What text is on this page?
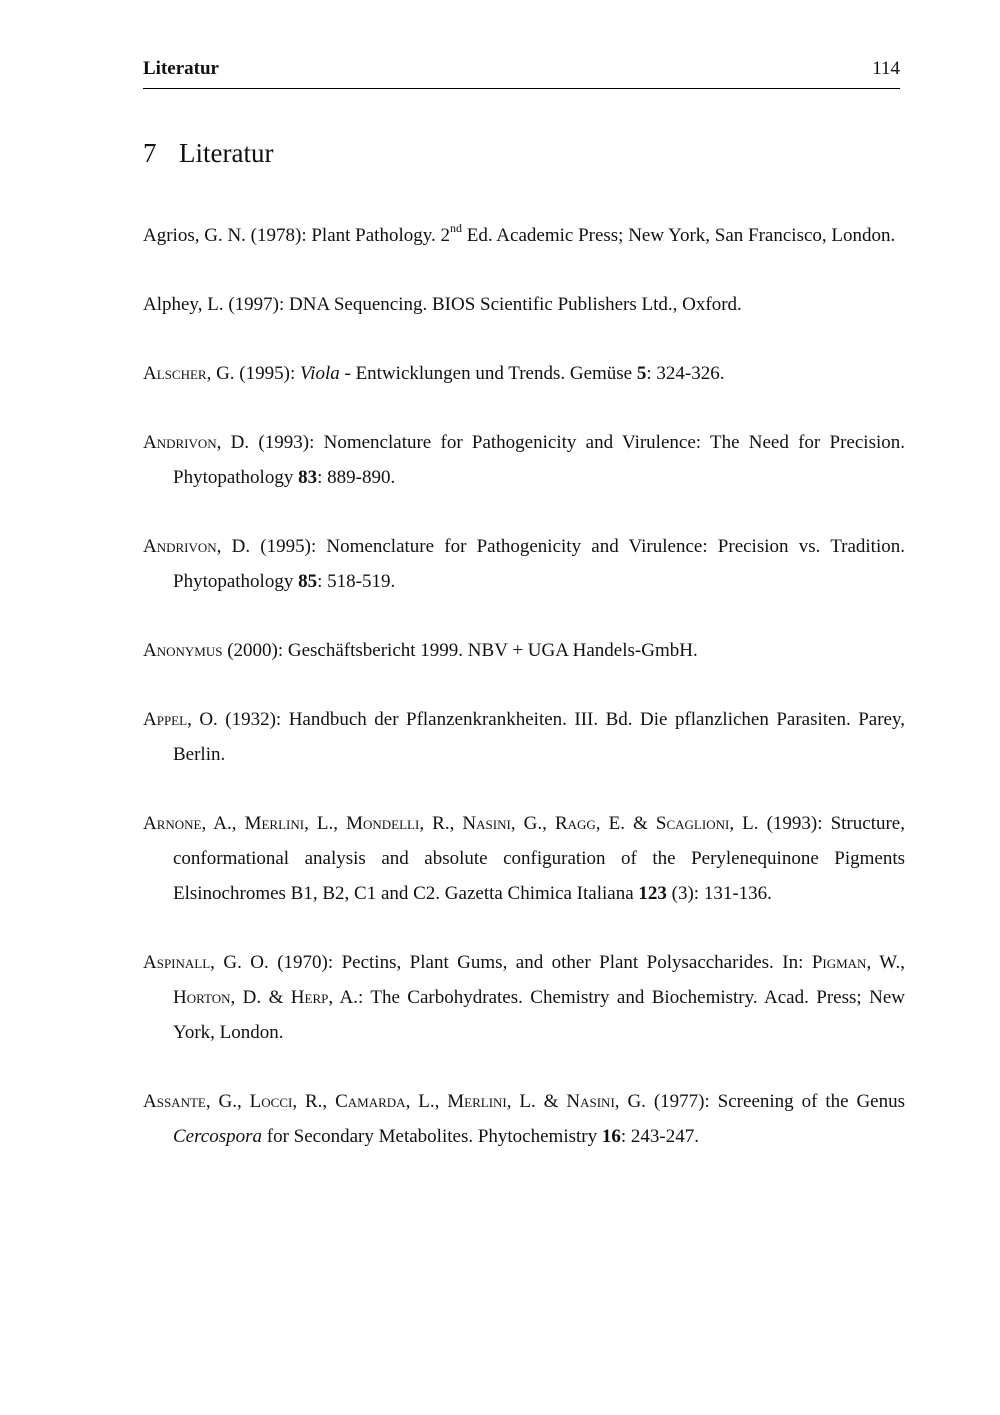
Literatur	114
7 Literatur

Agrios, G. N. (1978): Plant Pathology. 2nd Ed. Academic Press; New York, San Francisco, London.

Alphey, L. (1997): DNA Sequencing. BIOS Scientific Publishers Ltd., Oxford.

Alscher, G. (1995): Viola - Entwicklungen und Trends. Gemüse 5: 324-326.

Andrivon, D. (1993): Nomenclature for Pathogenicity and Virulence: The Need for Precision. Phytopathology 83: 889-890.

Andrivon, D. (1995): Nomenclature for Pathogenicity and Virulence: Precision vs. Tradition. Phytopathology 85: 518-519.

Anonymus (2000): Geschäftsbericht 1999. NBV + UGA Handels-GmbH.

Appel, O. (1932): Handbuch der Pflanzenkrankheiten. III. Bd. Die pflanzlichen Parasiten. Parey, Berlin.

Arnone, A., Merlini, L., Mondelli, R., Nasini, G., Ragg, E. & Scaglioni, L. (1993): Structure, conformational analysis and absolute configuration of the Perylenequinone Pigments Elsinochromes B1, B2, C1 and C2. Gazetta Chimica Italiana 123 (3): 131-136.

Aspinall, G. O. (1970): Pectins, Plant Gums, and other Plant Polysaccharides. In: Pigman, W., Horton, D. & Herp, A.: The Carbohydrates. Chemistry and Biochemistry. Acad. Press; New York, London.

Assante, G., Locci, R., Camarda, L., Merlini, L. & Nasini, G. (1977): Screening of the Genus Cercospora for Secondary Metabolites. Phytochemistry 16: 243-247.
